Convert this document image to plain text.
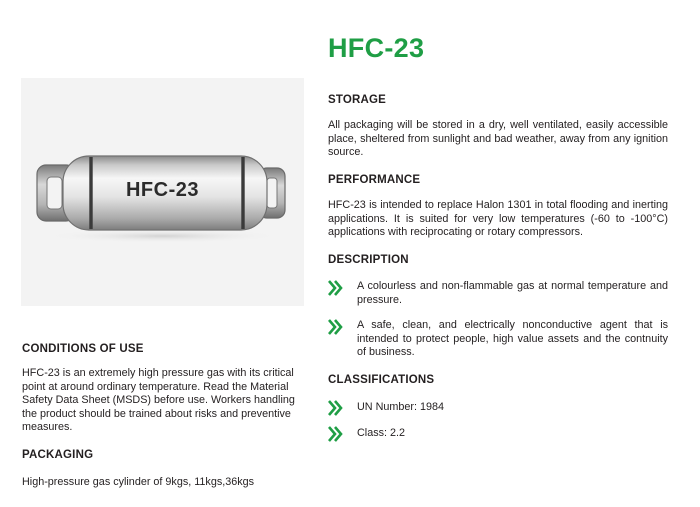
HFC-23
HFC-23
CONDITIONS OF USE

HFC-23 is an extremely high pressure gas with its critical point at around ordinary temperature. Read the Material Safety Data Sheet (MSDS) before use. Workers handling the product should be trained about risks and preventive measures.

PACKAGING

High-pressure gas cylinder of 9kgs, 11kgs,36kgs

STORAGE

All packaging will be stored in a dry, well ventilated, easily accessible place, sheltered from sunlight and bad weather, away from any ignition source.

PERFORMANCE

HFC-23 is intended to replace Halon 1301 in total flooding and inerting applications. It is suited for very low temperatures (-60 to -100°C) applications with reciprocating or rotary compressors.

DESCRIPTION

A colourless and non-flammable gas at normal temperature and pressure.

A safe, clean, and electrically nonconductive agent that is intended to protect people, high value assets and the contnuity of business.

CLASSIFICATIONS

UN Number: 1984

Class: 2.2
